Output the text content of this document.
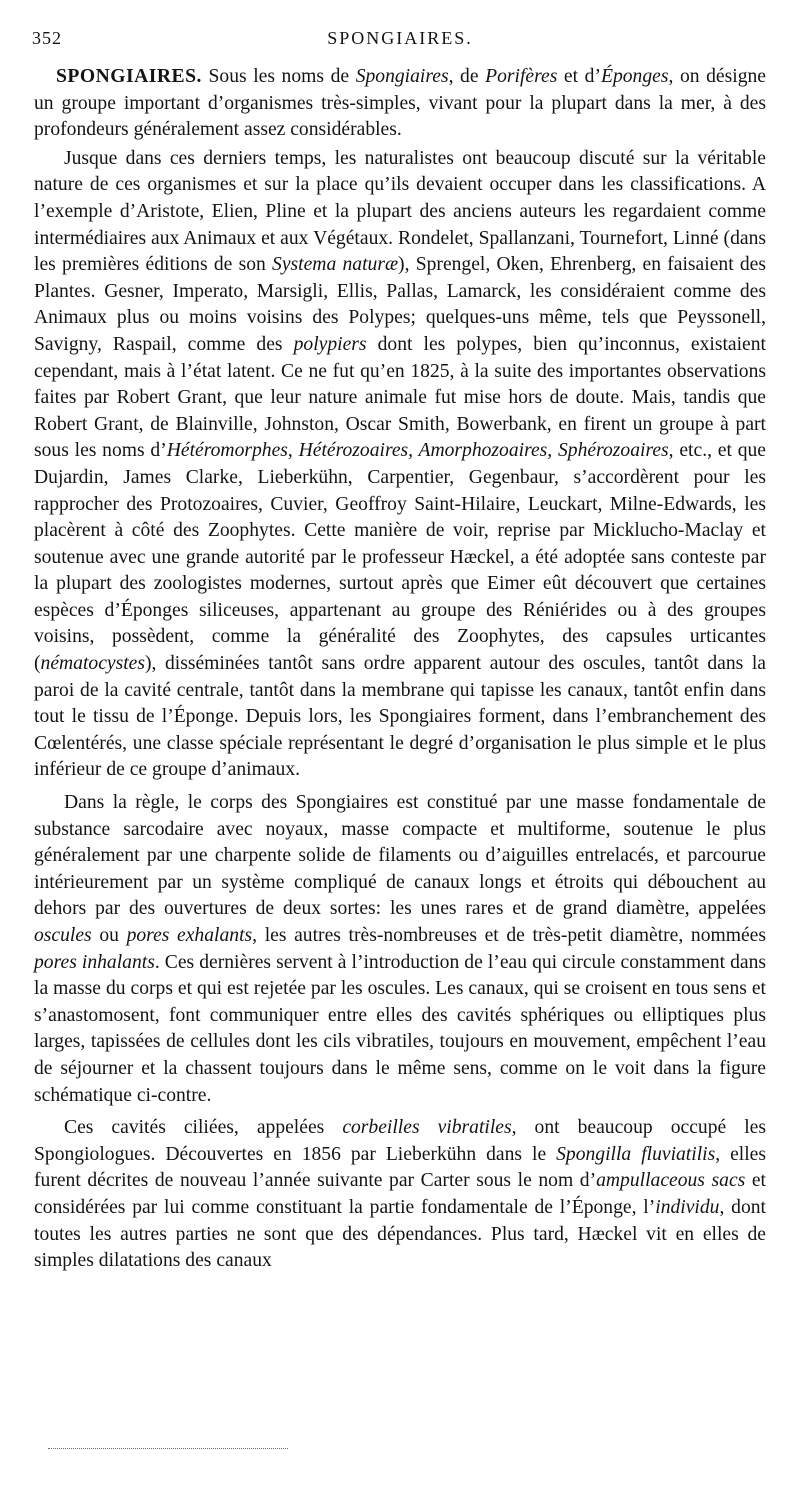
352	SPONGIAIRES.

SPONGIAIRES. Sous les noms de Spongiaires, de Porifères et d’Éponges, on désigne un groupe important d’organismes très-simples, vivant pour la plupart dans la mer, à des profondeurs généralement assez considérables.

Jusque dans ces derniers temps, les naturalistes ont beaucoup discuté sur la véritable nature de ces organismes et sur la place qu’ils devaient occuper dans les classifications. A l’exemple d’Aristote, Elien, Pline et la plupart des anciens auteurs les regardaient comme intermédiaires aux Animaux et aux Végétaux. Rondelet, Spallanzani, Tournefort, Linné (dans les premières éditions de son Systema naturæ), Sprengel, Oken, Ehrenberg, en faisaient des Plantes. Gesner, Imperato, Marsigli, Ellis, Pallas, Lamarck, les considéraient comme des Animaux plus ou moins voisins des Polypes; quelques-uns même, tels que Peyssonell, Savigny, Raspail, comme des polypiers dont les polypes, bien qu’inconnus, existaient cependant, mais à l’état latent. Ce ne fut qu’en 1825, à la suite des importantes observations faites par Robert Grant, que leur nature animale fut mise hors de doute. Mais, tandis que Robert Grant, de Blainville, Johnston, Oscar Smith, Bowerbank, en firent un groupe à part sous les noms d’Hétéromorphes, Hétérozoaires, Amorphozoaires, Sphérozoaires, etc., et que Dujardin, James Clarke, Lieberkühn, Carpentier, Gegenbaur, s’accordèrent pour les rapprocher des Protozoaires, Cuvier, Geoffroy Saint-Hilaire, Leuckart, Milne-Edwards, les placèrent à côté des Zoophytes. Cette manière de voir, reprise par Micklucho-Maclay et soutenue avec une grande autorité par le professeur Hæckel, a été adoptée sans conteste par la plupart des zoologistes modernes, surtout après que Eimer eût découvert que certaines espèces d’Éponges siliceuses, appartenant au groupe des Réniérides ou à des groupes voisins, possèdent, comme la généralité des Zoophytes, des capsules urticantes (nématocystes), disséminées tantôt sans ordre apparent autour des oscules, tantôt dans la paroi de la cavité centrale, tantôt dans la membrane qui tapisse les canaux, tantôt enfin dans tout le tissu de l’Éponge. Depuis lors, les Spongiaires forment, dans l’embranchement des Cœlentérés, une classe spéciale représentant le degré d’organisation le plus simple et le plus inférieur de ce groupe d’animaux.

Dans la règle, le corps des Spongiaires est constitué par une masse fondamentale de substance sarcodaire avec noyaux, masse compacte et multiforme, soutenue le plus généralement par une charpente solide de filaments ou d’aiguilles entrelacés, et parcourue intérieurement par un système compliqué de canaux longs et étroits qui débouchent au dehors par des ouvertures de deux sortes: les unes rares et de grand diamètre, appelées oscules ou pores exhalants, les autres très-nombreuses et de très-petit diamètre, nommées pores inhalants. Ces dernières servent à l’introduction de l’eau qui circule constamment dans la masse du corps et qui est rejetée par les oscules. Les canaux, qui se croisent en tous sens et s’anastomosent, font communiquer entre elles des cavités sphériques ou elliptiques plus larges, tapissées de cellules dont les cils vibratiles, toujours en mouvement, empêchent l’eau de séjourner et la chassent toujours dans le même sens, comme on le voit dans la figure schématique ci-contre.

Ces cavités ciliées, appelées corbeilles vibratiles, ont beaucoup occupé les Spongiologues. Découvertes en 1856 par Lieberkühn dans le Spongilla fluviatilis, elles furent décrites de nouveau l’année suivante par Carter sous le nom d’ampullaceous sacs et considérées par lui comme constituant la partie fondamentale de l’Éponge, l’individu, dont toutes les autres parties ne sont que des dépendances. Plus tard, Hæckel vit en elles de simples dilatations des canaux
